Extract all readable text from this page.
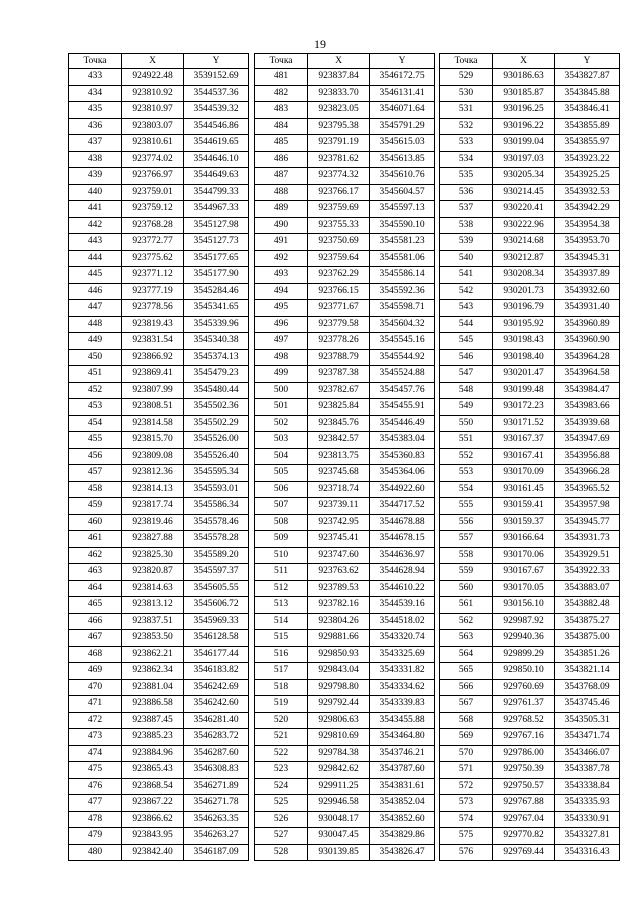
19
Точка	X	Y
433	924922.48	3539152.69
434	923810.92	3544537.36
435	923810.97	3544539.32
436	923803.07	3544546.86
437	923810.61	3544619.65
438	923774.02	3544646.10
439	923766.97	3544649.63
440	923759.01	3544799.33
441	923759.12	3544967.33
442	923768.28	3545127.98
443	923772.77	3545127.73
444	923775.62	3545177.65
445	923771.12	3545177.90
446	923777.19	3545284.46
447	923778.56	3545341.65
448	923819.43	3545339.96
449	923831.54	3545340.38
450	923866.92	3545374.13
451	923869.41	3545479.23
452	923807.99	3545480.44
453	923808.51	3545502.36
454	923814.58	3545502.29
455	923815.70	3545526.00
456	923809.08	3545526.40
457	923812.36	3545595.34
458	923814.13	3545593.01
459	923817.74	3545586.34
460	923819.46	3545578.46
461	923827.88	3545578.28
462	923825.30	3545589.20
463	923820.87	3545597.37
464	923814.63	3545605.55
465	923813.12	3545606.72
466	923837.51	3545969.33
467	923853.50	3546128.58
468	923862.21	3546177.44
469	923862.34	3546183.82
470	923881.04	3546242.69
471	923886.58	3546242.60
472	923887.45	3546281.40
473	923885.23	3546283.72
474	923884.96	3546287.60
475	923865.43	3546308.83
476	923868.54	3546271.89
477	923867.22	3546271.78
478	923866.62	3546263.35
479	923843.95	3546263.27
480	923842.40	3546187.09
Точка	X	Y
481	923837.84	3546172.75
482	923833.70	3546131.41
483	923823.05	3546071.64
484	923795.38	3545791.29
485	923791.19	3545615.03
486	923781.62	3545613.85
487	923774.32	3545610.76
488	923766.17	3545604.57
489	923759.69	3545597.13
490	923755.33	3545590.10
491	923750.69	3545581.23
492	923759.64	3545581.06
493	923762.29	3545586.14
494	923766.15	3545592.36
495	923771.67	3545598.71
496	923779.58	3545604.32
497	923778.26	3545545.16
498	923788.79	3545544.92
499	923787.38	3545524.88
500	923782.67	3545457.76
501	923825.84	3545455.91
502	923845.76	3545446.49
503	923842.57	3545383.04
504	923813.75	3545360.83
505	923745.68	3545364.06
506	923718.74	3544922.60
507	923739.11	3544717.52
508	923742.95	3544678.88
509	923745.41	3544678.15
510	923747.60	3544636.97
511	923763.62	3544628.94
512	923789.53	3544610.22
513	923782.16	3544539.16
514	923804.26	3544518.02
515	929881.66	3543320.74
516	929850.93	3543325.69
517	929843.04	3543331.82
518	929798.80	3543334.62
519	929792.44	3543339.83
520	929806.63	3543455.88
521	929810.69	3543464.80
522	929784.38	3543746.21
523	929842.62	3543787.60
524	929911.25	3543831.61
525	929946.58	3543852.04
526	930048.17	3543852.60
527	930047.45	3543829.86
528	930139.85	3543826.47
Точка	X	Y
529	930186.63	3543827.87
530	930185.87	3543845.88
531	930196.25	3543846.41
532	930196.22	3543855.89
533	930199.04	3543855.97
534	930197.03	3543923.22
535	930205.34	3543925.25
536	930214.45	3543932.53
537	930220.41	3543942.29
538	930222.96	3543954.38
539	930214.68	3543953.70
540	930212.87	3543945.31
541	930208.34	3543937.89
542	930201.73	3543932.60
543	930196.79	3543931.40
544	930195.92	3543960.89
545	930198.43	3543960.90
546	930198.40	3543964.28
547	930201.47	3543964.58
548	930199.48	3543984.47
549	930172.23	3543983.66
550	930171.52	3543939.68
551	930167.37	3543947.69
552	930167.41	3543956.88
553	930170.09	3543966.28
554	930161.45	3543965.52
555	930159.41	3543957.98
556	930159.37	3543945.77
557	930166.64	3543931.73
558	930170.06	3543929.51
559	930167.67	3543922.33
560	930170.05	3543883.07
561	930156.10	3543882.48
562	929987.92	3543875.27
563	929940.36	3543875.00
564	929899.29	3543851.26
565	929850.10	3543821.14
566	929760.69	3543768.09
567	929761.37	3543745.46
568	929768.52	3543505.31
569	929767.16	3543471.74
570	929786.00	3543466.07
571	929750.39	3543387.78
572	929750.57	3543338.84
573	929767.88	3543335.93
574	929767.04	3543330.91
575	929770.82	3543327.81
576	929769.44	3543316.43
